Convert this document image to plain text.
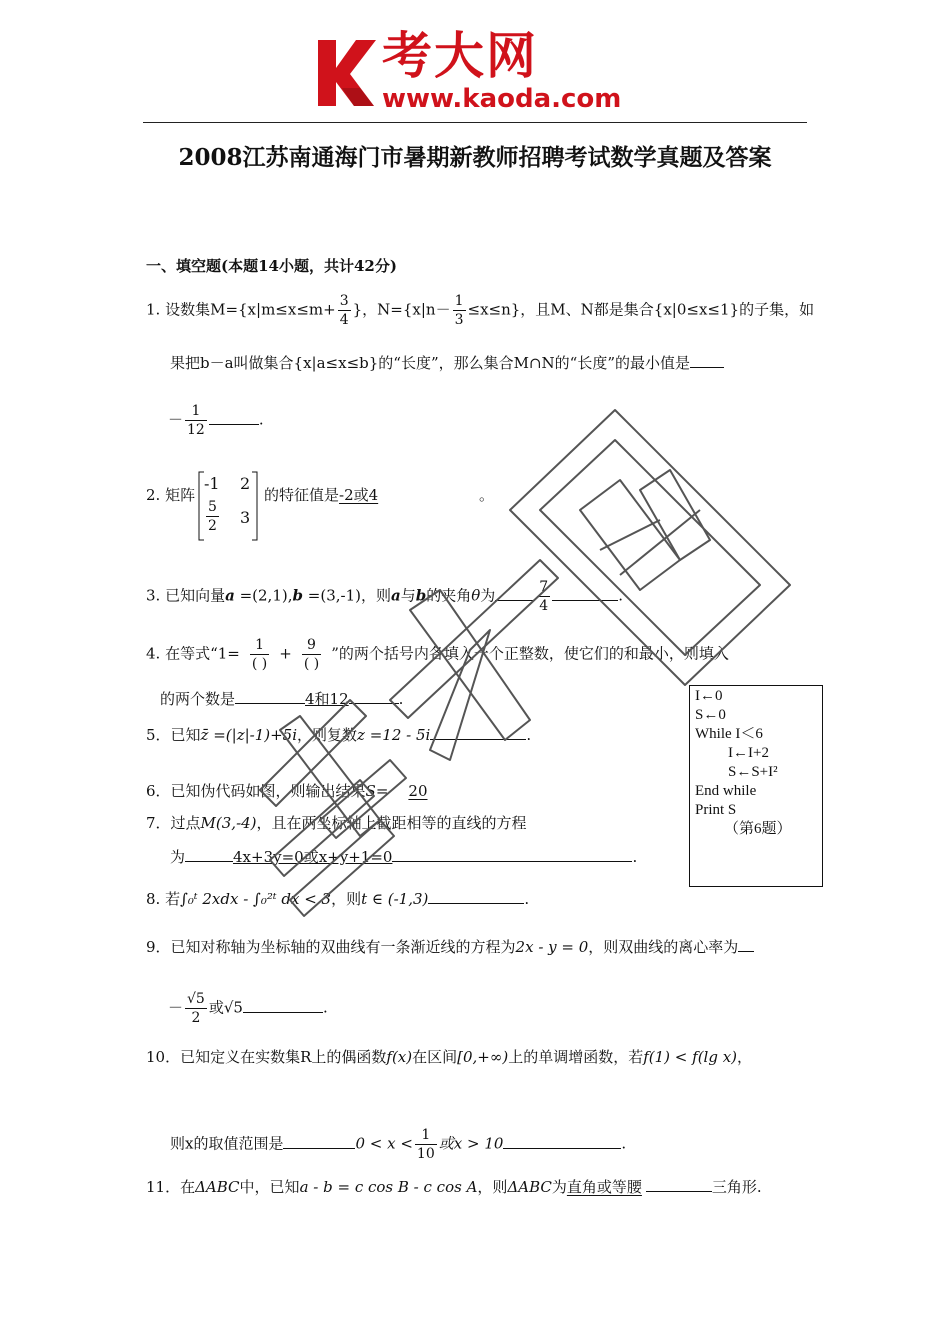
考大网
www.kaoda.com
2008江苏南通海门市暑期新教师招聘考试数学真题及答案
一、填空题(本题14小题，共计42分)
1. 设数集$M=\{x|m\le x\le m+ \frac{3}{4}$ }，$N=\{x|n- \frac{1}{3} \le x\le n\}$，且M、N都是集合{x|0≤x≤1}的子集，如
果把b－a叫做集合{x|a≤x≤b}的“长度”，那么集合M∩N的“长度”的最小值是
－ $\frac{1}{12}$	.
2. 矩阵
-1 2
$\frac{5}{2} 3$
的特征值是-2或4	。
3. 已知向量a =(2,1),b =(3,-1)，则a与b的夹角θ为	$\frac{7}{4}$	.
4. 在等式“$1= \frac{1}{( )} + \frac{9}{( )}$ ”的两个括号内各填入一个正整数，使它们的和最小，则填入
的两个数是	4和12	.
5．已知z̄ =(|z|-1)+5i，则复数z =12 - 5i	.
6．已知伪代码如图，则输出结果S= 20
7．过点M(3,-4)，且在两坐标轴上截距相等的直线的方程
为	4x+3y=0或x+y+1=0	.
8. 若∫₀ᵗ 2xdx - ∫₀²ᵗ dx < 3，则t ∈ (-1,3)	.
9．已知对称轴为坐标轴的双曲线有一条渐近线的方程为2x - y = 0，则双曲线的离心率为
－ $\frac{√5}{2}$ 或√5	.
10．已知定义在实数集R上的偶函数f(x)在区间[0,+∞)上的单调增函数，若f(1) < f(lg x)，
则x的取值范围是	$0 < x < \frac{1}{10}$ 或x > 10	.
11．在ΔABC中，已知a - b = c cos B - c cos A，则ΔABC为直角或等腰	三角形.
I←0
S←0
While I＜6
I←I+2
S←S+I²
End while
Print S
（第6题）
